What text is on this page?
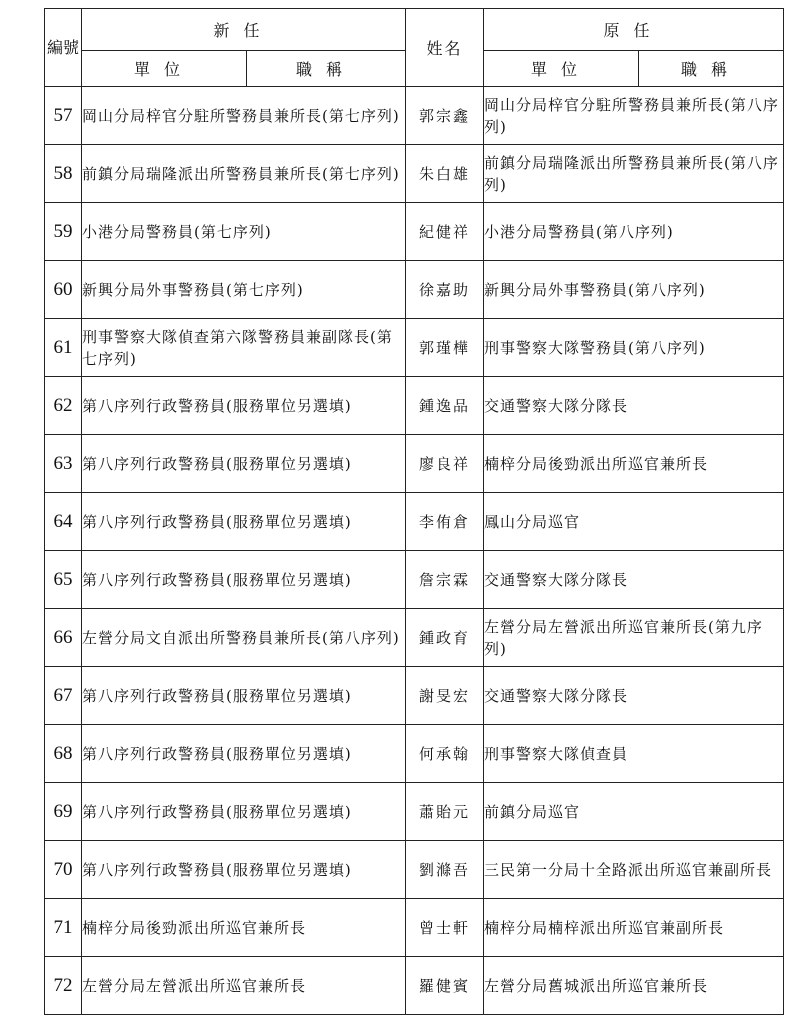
編號	新任		姓名	原任	
	單位	職稱		單位	職稱
57	岡山分局梓官分駐所警務員兼所長(第七序列)		郭宗鑫	岡山分局梓官分駐所警務員兼所長(第八序列)	
58	前鎮分局瑞隆派出所警務員兼所長(第七序列)		朱白雄	前鎮分局瑞隆派出所警務員兼所長(第八序列)	
59	小港分局警務員(第七序列)		紀健祥	小港分局警務員(第八序列)	
60	新興分局外事警務員(第七序列)		徐嘉助	新興分局外事警務員(第八序列)	
61	刑事警察大隊偵查第六隊警務員兼副隊長(第七序列)		郭瑾樺	刑事警察大隊警務員(第八序列)	
62	第八序列行政警務員(服務單位另選填)		鍾逸品	交通警察大隊分隊長	
63	第八序列行政警務員(服務單位另選填)		廖良祥	楠梓分局後勁派出所巡官兼所長	
64	第八序列行政警務員(服務單位另選填)		李侑倉	鳳山分局巡官	
65	第八序列行政警務員(服務單位另選填)		詹宗霖	交通警察大隊分隊長	
66	左營分局文自派出所警務員兼所長(第八序列)		鍾政育	左營分局左營派出所巡官兼所長(第九序列)	
67	第八序列行政警務員(服務單位另選填)		謝旻宏	交通警察大隊分隊長	
68	第八序列行政警務員(服務單位另選填)		何承翰	刑事警察大隊偵查員	
69	第八序列行政警務員(服務單位另選填)		蕭貽元	前鎮分局巡官	
70	第八序列行政警務員(服務單位另選填)		劉滌吾	三民第一分局十全路派出所巡官兼副所長	
71	楠梓分局後勁派出所巡官兼所長		曾士軒	楠梓分局楠梓派出所巡官兼副所長	
72	左營分局左營派出所巡官兼所長		羅健賓	左營分局舊城派出所巡官兼所長	
